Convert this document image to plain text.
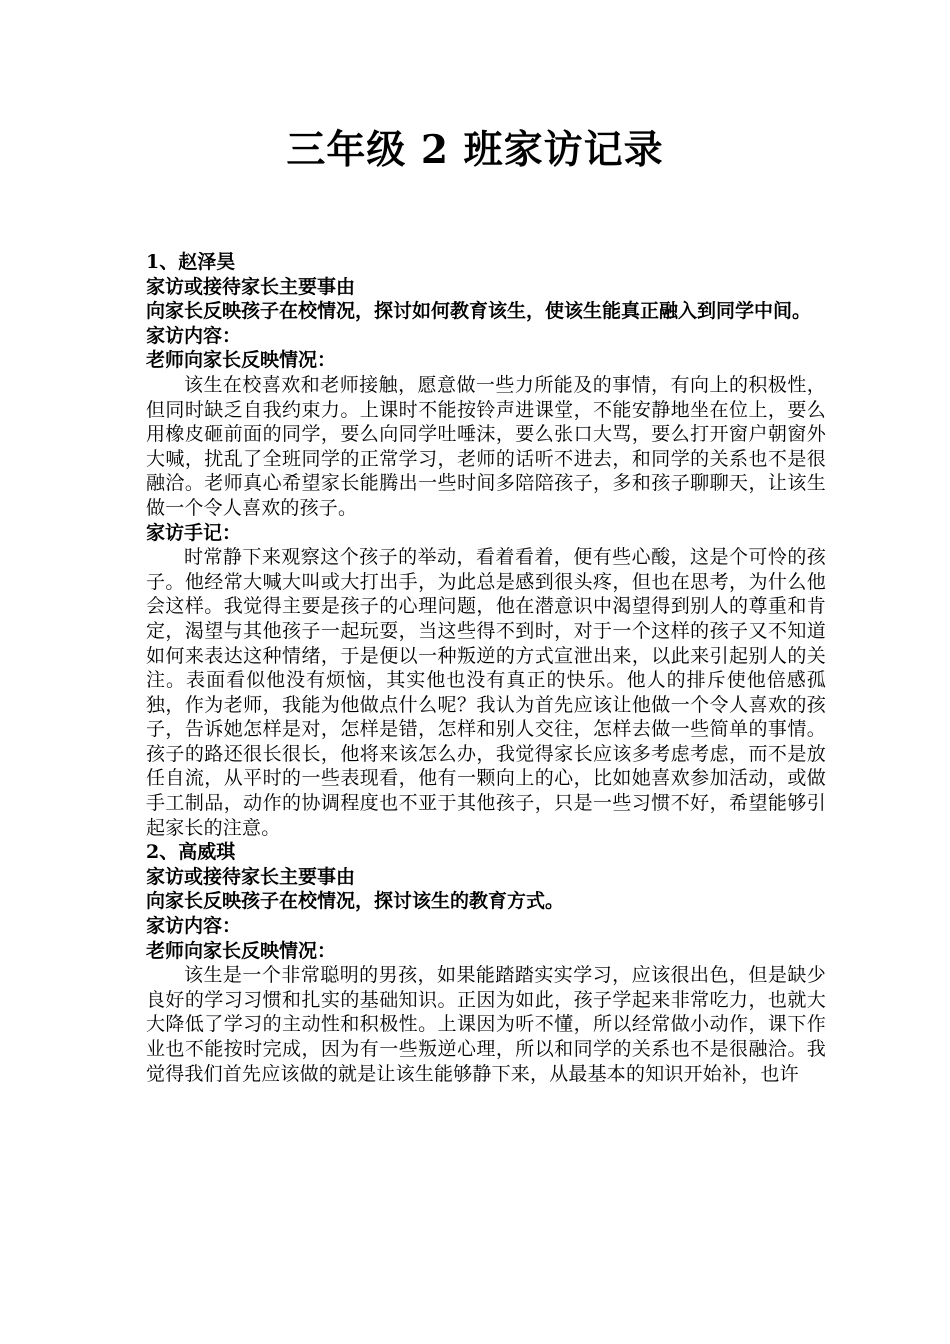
三年级 2 班家访记录

1、赵泽昊

家访或接待家长主要事由

向家长反映孩子在校情况，探讨如何教育该生，使该生能真正融入到同学中间。

家访内容：

老师向家长反映情况：

该生在校喜欢和老师接触，愿意做一些力所能及的事情，有向上的积极性，但同时缺乏自我约束力。上课时不能按铃声进课堂，不能安静地坐在位上，要么用橡皮砸前面的同学，要么向同学吐唾沫，要么张口大骂，要么打开窗户朝窗外大喊，扰乱了全班同学的正常学习，老师的话听不进去，和同学的关系也不是很融洽。老师真心希望家长能腾出一些时间多陪陪孩子，多和孩子聊聊天，让该生做一个令人喜欢的孩子。

家访手记：

时常静下来观察这个孩子的举动，看着看着，便有些心酸，这是个可怜的孩子。他经常大喊大叫或大打出手，为此总是感到很头疼，但也在思考，为什么他会这样。我觉得主要是孩子的心理问题，他在潜意识中渴望得到别人的尊重和肯定，渴望与其他孩子一起玩耍，当这些得不到时，对于一个这样的孩子又不知道如何来表达这种情绪，于是便以一种叛逆的方式宣泄出来，以此来引起别人的关注。表面看似他没有烦恼，其实他也没有真正的快乐。他人的排斥使他倍感孤独，作为老师，我能为他做点什么呢？我认为首先应该让他做一个令人喜欢的孩子，告诉她怎样是对，怎样是错，怎样和别人交往，怎样去做一些简单的事情。孩子的路还很长很长，他将来该怎么办，我觉得家长应该多考虑考虑，而不是放任自流，从平时的一些表现看，他有一颗向上的心，比如她喜欢参加活动，或做手工制品，动作的协调程度也不亚于其他孩子，只是一些习惯不好，希望能够引起家长的注意。

2、高威琪

家访或接待家长主要事由

向家长反映孩子在校情况，探讨该生的教育方式。

家访内容：

老师向家长反映情况：

该生是一个非常聪明的男孩，如果能踏踏实实学习，应该很出色，但是缺少良好的学习习惯和扎实的基础知识。正因为如此，孩子学起来非常吃力，也就大大降低了学习的主动性和积极性。上课因为听不懂，所以经常做小动作，课下作业也不能按时完成，因为有一些叛逆心理，所以和同学的关系也不是很融洽。我觉得我们首先应该做的就是让该生能够静下来，从最基本的知识开始补，也许
